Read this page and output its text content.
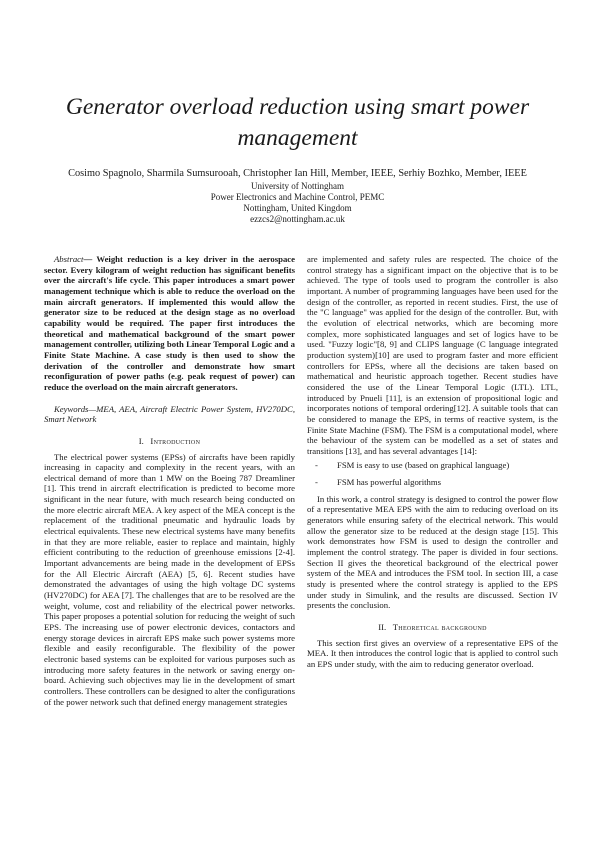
Generator overload reduction using smart power management
Cosimo Spagnolo, Sharmila Sumsurooah, Christopher Ian Hill, Member, IEEE, Serhiy Bozhko, Member, IEEE
University of Nottingham
Power Electronics and Machine Control, PEMC
Nottingham, United Kingdom
ezzcs2@nottingham.ac.uk

Abstract— Weight reduction is a key driver in the aerospace sector. Every kilogram of weight reduction has significant benefits over the aircraft's life cycle. This paper introduces a smart power management technique which is able to reduce the overload on the main aircraft generators. If implemented this would allow the generator size to be reduced at the design stage as no overload capability would be required. The paper first introduces the theoretical and mathematical background of the smart power management controller, utilizing both Linear Temporal Logic and a Finite State Machine. A case study is then used to show the derivation of the controller and demonstrate how smart reconfiguration of power paths (e.g. peak request of power) can reduce the overload on the main aircraft generators.

Keywords—MEA, AEA, Aircraft Electric Power System, HV270DC, Smart Network

I. Introduction

The electrical power systems (EPSs) of aircrafts have been rapidly increasing in capacity and complexity in the recent years, with an electrical demand of more than 1 MW on the Boeing 787 Dreamliner [1]. This trend in aircraft electrification is predicted to become more significant in the near future, with much research being conducted on the more electric aircraft MEA. A key aspect of the MEA concept is the replacement of the traditional pneumatic and hydraulic loads by electrical equivalents. These new electrical systems have many benefits in that they are more reliable, easier to replace and maintain, highly efficient contributing to the reduction of greenhouse emissions [2-4]. Important advancements are being made in the development of EPSs for the All Electric Aircraft (AEA) [5, 6]. Recent studies have demonstrated the advantages of using the high voltage DC systems (HV270DC) for AEA [7]. The challenges that are to be resolved are the weight, volume, cost and reliability of the electrical power networks. This paper proposes a potential solution for reducing the weight of such EPS. The increasing use of power electronic devices, contactors and energy storage devices in aircraft EPS make such power systems more flexible and easily reconfigurable. The flexibility of the power electronic based systems can be exploited for various purposes such as introducing more safety features in the network or saving energy on-board. Achieving such objectives may lie in the development of smart controllers. These controllers can be designed to alter the configurations of the power network such that defined energy management strategies

are implemented and safety rules are respected. The choice of the control strategy has a significant impact on the objective that is to be achieved. The type of tools used to program the controller is also important. A number of programming languages have been used for the design of the controller, as reported in recent studies. First, the use of the "C language" was applied for the design of the controller. But, with the evolution of electrical networks, which are becoming more complex, more sophisticated languages and set of logics have to be used. "Fuzzy logic"[8, 9] and CLIPS language (C language integrated production system)[10] are used to program faster and more efficient controllers for EPSs, where all the decisions are taken based on mathematical and heuristic approach together. Recent studies have considered the use of the Linear Temporal Logic (LTL). LTL, introduced by Pnueli [11], is an extension of propositional logic and incorporates notions of temporal ordering[12]. A suitable tools that can be considered to manage the EPS, in terms of reactive system, is the Finite State Machine (FSM). The FSM is a computational model, where the behaviour of the system can be modelled as a set of states and transitions [13], and has several advantages [14]:

- FSM is easy to use (based on graphical language)
- FSM has powerful algorithms

In this work, a control strategy is designed to control the power flow of a representative MEA EPS with the aim to reducing overload on its generators while ensuring safety of the electrical network. This would allow the generator size to be reduced at the design stage [15]. This work demonstrates how FSM is used to design the controller and implement the control strategy. The paper is divided in four sections. Section II gives the theoretical background of the electrical power system of the MEA and introduces the FSM tool. In section III, a case study is presented where the control strategy is applied to the EPS under study in Simulink, and the results are discussed. Section IV presents the conclusion.

II. Theoretical background

This section first gives an overview of a representative EPS of the MEA. It then introduces the control logic that is applied to control such an EPS under study, with the aim to reducing generator overload.
